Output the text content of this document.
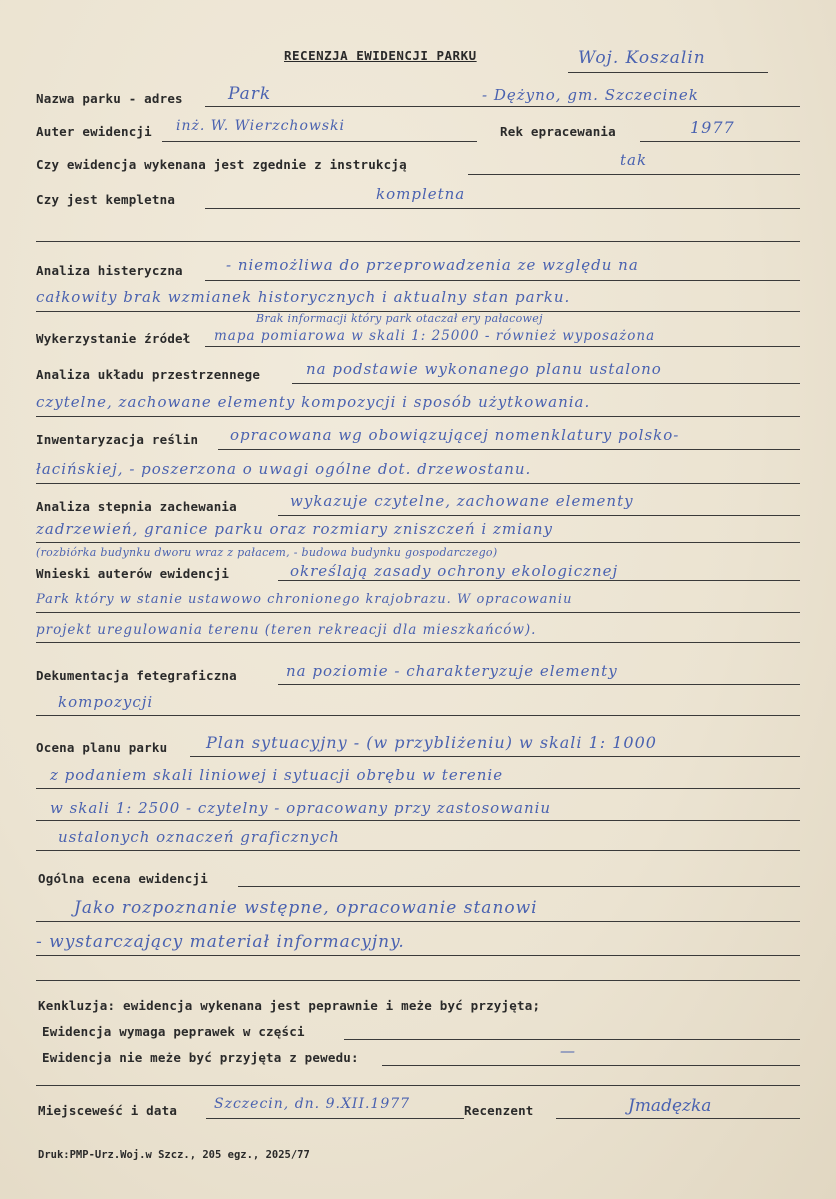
RECENZJA EWIDENCJI PARKU	Woj. Koszalin
Nazwa parku - adres	Park	- Dężyno, gm. Szczecinek
Auter ewidencji inż. W. Wierzchowski	Rek epracewania	1977
Czy ewidencja wykenana jest zgednie z instrukcją	tak
Czy jest kempletna	kompletna
Analiza histeryczna	- niemożliwa do przeprowadzenia ze względu na
całkowity brak wzmianek historycznych i aktualny stan parku.
Brak informacji który park otaczał ery pałacowej
Wykerzystanie źródeł mapa pomiarowa w skali 1: 25000 - również wyposażona
Analiza układu przestrzennege	na podstawie wykonanego planu ustalono
czytelne, zachowane elementy kompozycji i sposób użytkowania.
Inwentaryzacja reślin opracowana wg obowiązującej nomenklatury polsko-
łacińskiej, - poszerzona o uwagi ogólne dot. drzewostanu.
Analiza stepnia zachewania	wykazuje czytelne, zachowane elementy
zadrzewień, granice parku oraz rozmiary zniszczeń i zmiany
(rozbiórka budynku dworu wraz z pałacem, - budowa budynku gospodarczego)
Wnieski auterów ewidencji	określają zasady ochrony ekologicznej
Park który w stanie ustawowo chronionego krajobrazu. W opracowaniu
projekt uregulowania terenu (teren rekreacji dla mieszkańców).
Dekumentacja fetegraficzna	na poziomie - charakteryzuje elementy
kompozycji
Ocena planu parku Plan sytuacyjny - (w przybliżeniu) w skali 1: 1000
z podaniem skali liniowej i sytuacji obrębu w terenie
w skali 1: 2500 - czytelny - opracowany przy zastosowaniu
ustalonych oznaczeń graficznych
Ogólna ecena ewidencji
Jako rozpoznanie wstępne, opracowanie stanowi
- wystarczający materiał informacyjny.
Kenkluzja: ewidencja wykenana jest peprawnie i meże być przyjęta;
Ewidencja wymaga peprawek w części
Ewidencja nie meże być przyjęta z pewedu:	—
Miejsceweść i data	Szczecin, dn. 9.XII.1977	Recenzent	Jmadęzka
Druk:PMP-Urz.Woj.w Szcz., 205 egz., 2025/77
